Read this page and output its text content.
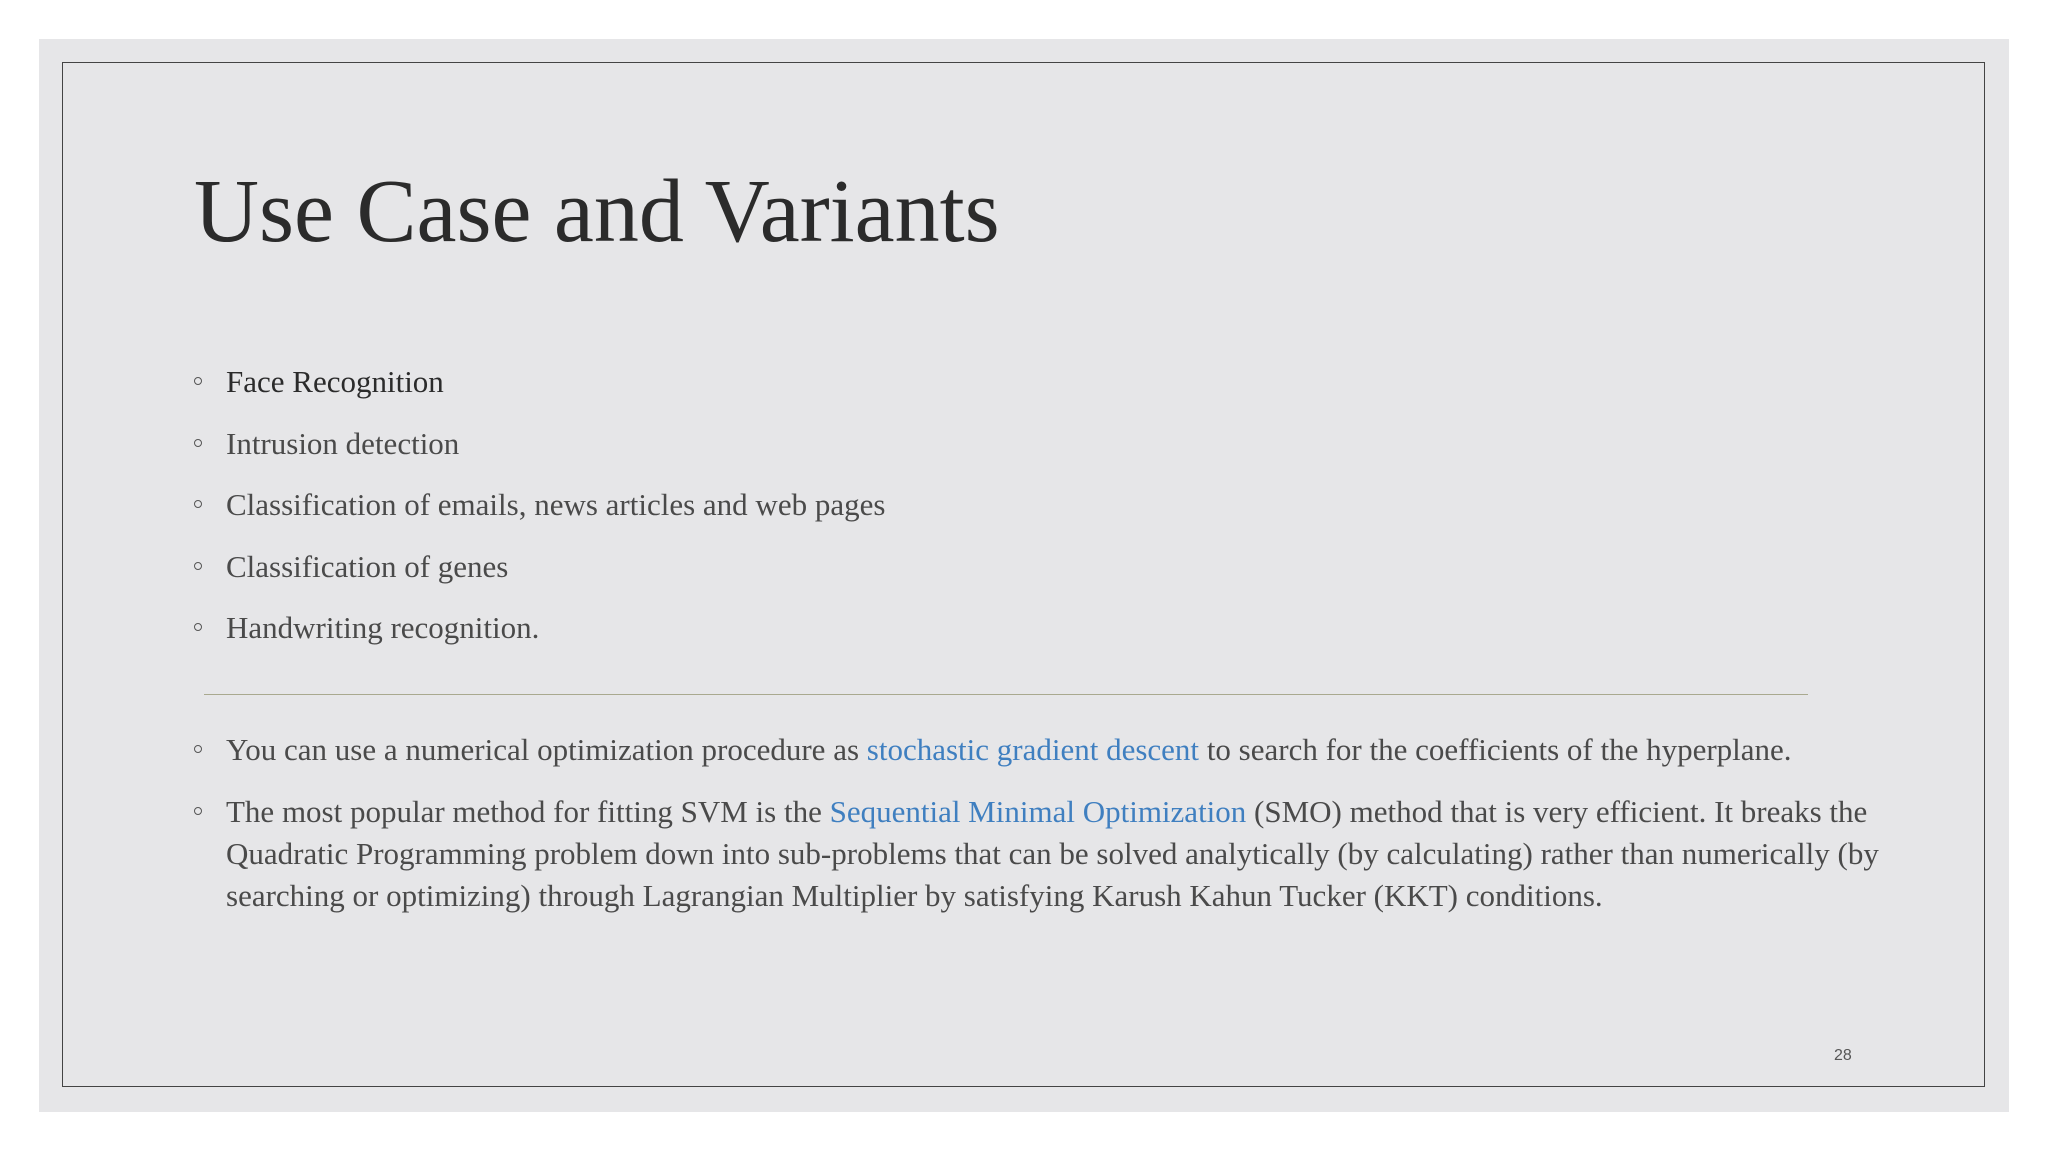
Use Case and Variants
Face Recognition
Intrusion detection
Classification of emails, news articles and web pages
Classification of genes
Handwriting recognition.
You can use a numerical optimization procedure as stochastic gradient descent to search for the coefficients of the hyperplane.
The most popular method for fitting SVM is the Sequential Minimal Optimization (SMO) method that is very efficient. It breaks the Quadratic Programming problem down into sub-problems that can be solved analytically (by calculating) rather than numerically (by searching or optimizing) through Lagrangian Multiplier by satisfying Karush Kahun Tucker (KKT) conditions.
28
